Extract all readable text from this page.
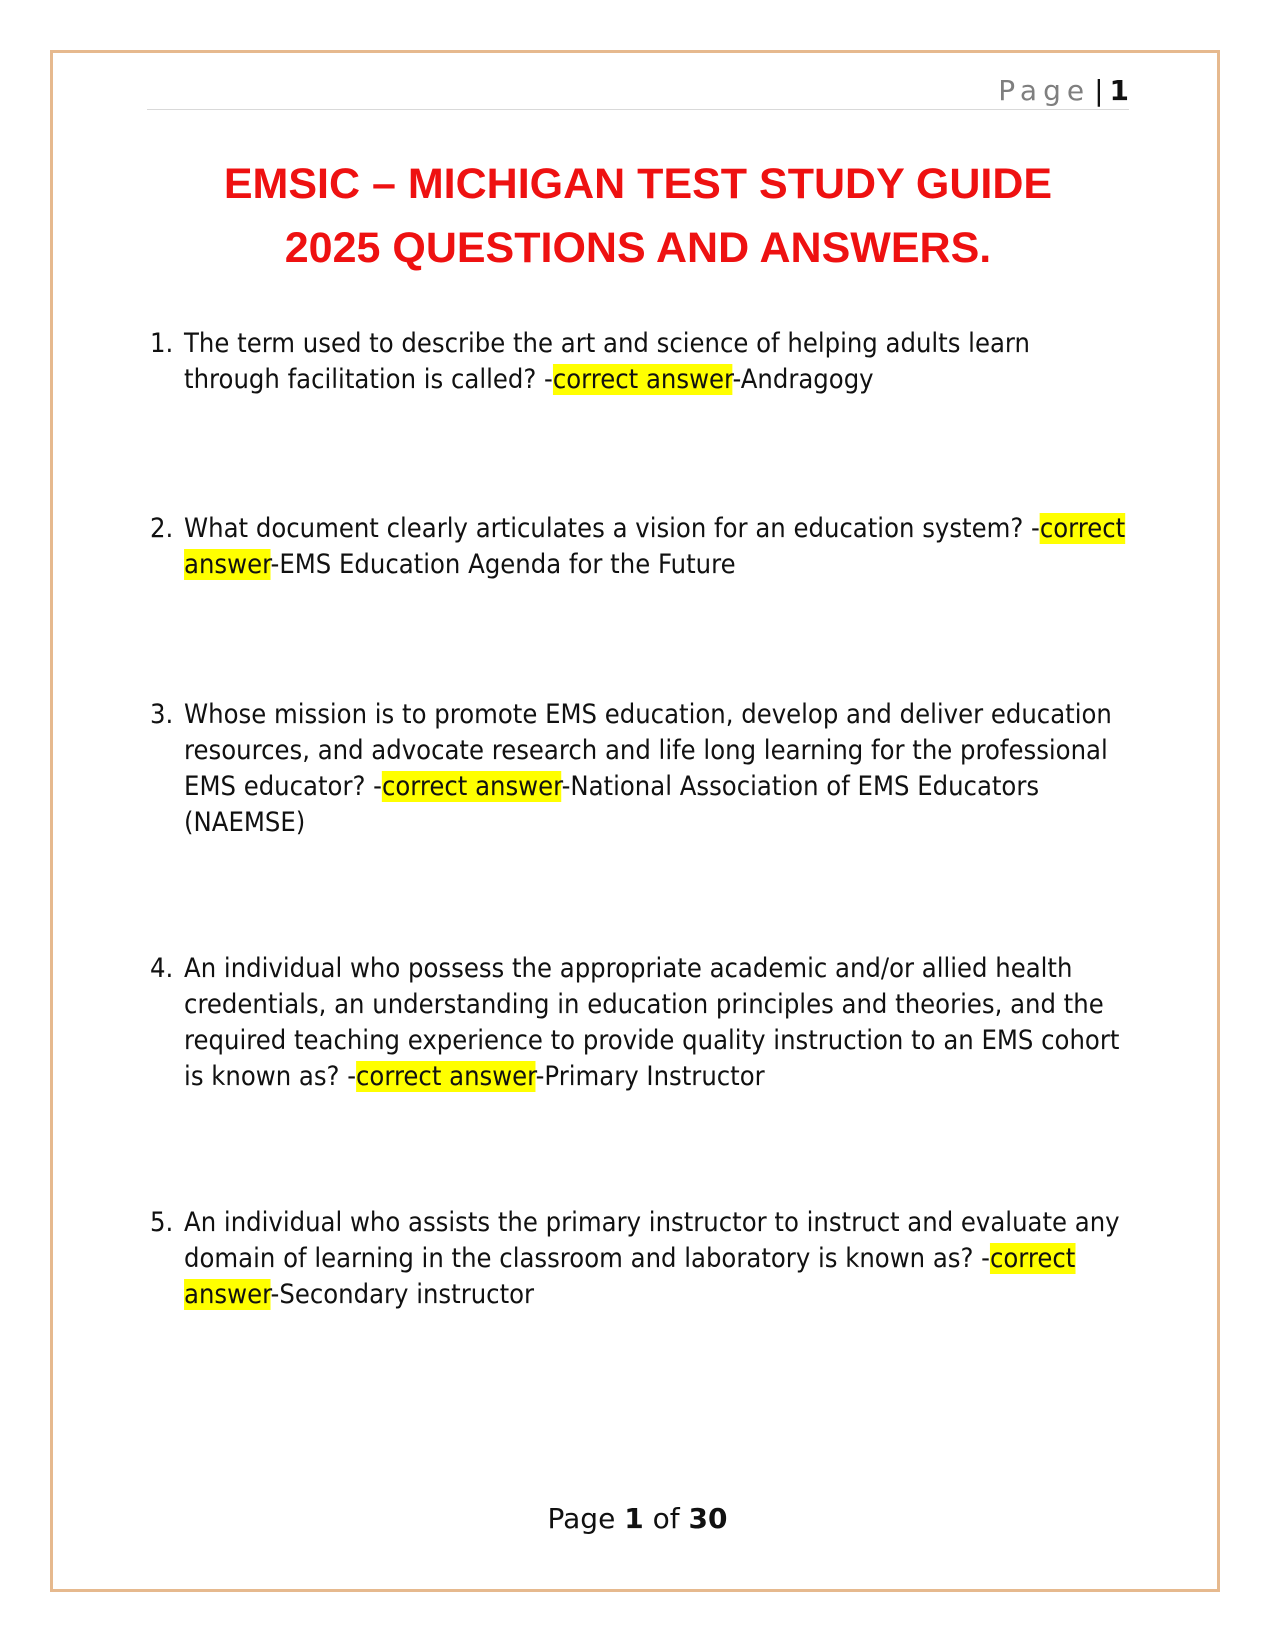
Page | 1
EMSIC – MICHIGAN TEST STUDY GUIDE
2025 QUESTIONS AND ANSWERS.
1. The term used to describe the art and science of helping adults learn through facilitation is called? -correct answer-Andragogy
2. What document clearly articulates a vision for an education system? -correct answer-EMS Education Agenda for the Future
3. Whose mission is to promote EMS education, develop and deliver education resources, and advocate research and life long learning for the professional EMS educator? -correct answer-National Association of EMS Educators (NAEMSE)
4. An individual who possess the appropriate academic and/or allied health credentials, an understanding in education principles and theories, and the required teaching experience to provide quality instruction to an EMS cohort is known as? -correct answer-Primary Instructor
5. An individual who assists the primary instructor to instruct and evaluate any domain of learning in the classroom and laboratory is known as? -correct answer-Secondary instructor
Page 1 of 30
